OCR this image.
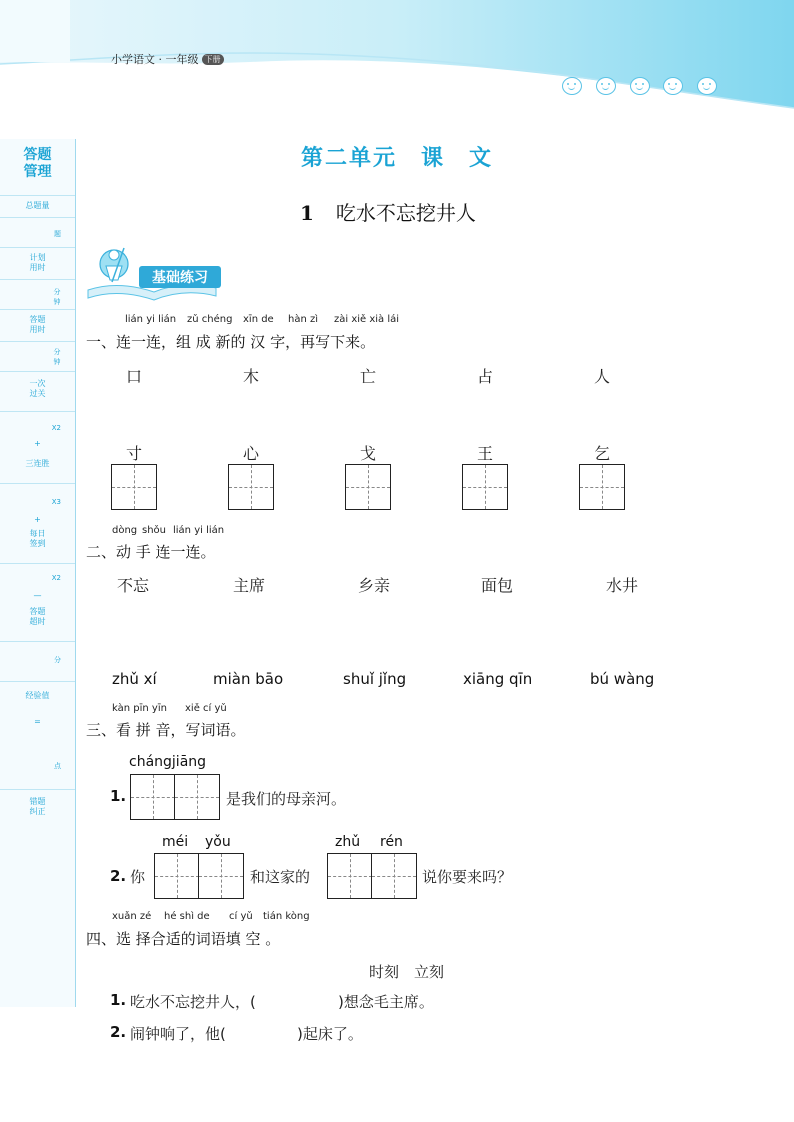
小学语文 · 一年级 下册
答题
管理
总题量
题
计划
用时
分钟
答题
用时
分钟
一次
过关
X2
+
三连胜
X3
+
每日
签到
X2
—
答题
超时
分
经验值
=
点
错题
纠正
第二单元　课　文
1 吃水不忘挖井人
基础练习
lián yi lián zǔ chéng xīn de hàn zì zài xiě xià lái
一、连一连，组 成 新的 汉 字，再写下来。
口	木	亡	占	人
寸	心	戈	王	乞
dòng shǒu lián yi lián
二、动 手 连一连。
不忘	主席	乡亲	面包	水井
zhǔ xí	miàn bāo	shuǐ jǐng	xiāng qīn	bú wàng
kàn pīn yīn xiě cí yǔ
三、看 拼 音，写词语。
chángjiāng
1.	是我们的母亲河。
méi yǒu	zhǔ rén
2. 你	和这家的	说你要来吗？
xuǎn zé hé shì de cí yǔ tián kòng
四、选 择合适的词语填 空 。
时刻　立刻
1. 吃水不忘挖井人，(	)想念毛主席。
2. 闹钟响了，他(	)起床了。
